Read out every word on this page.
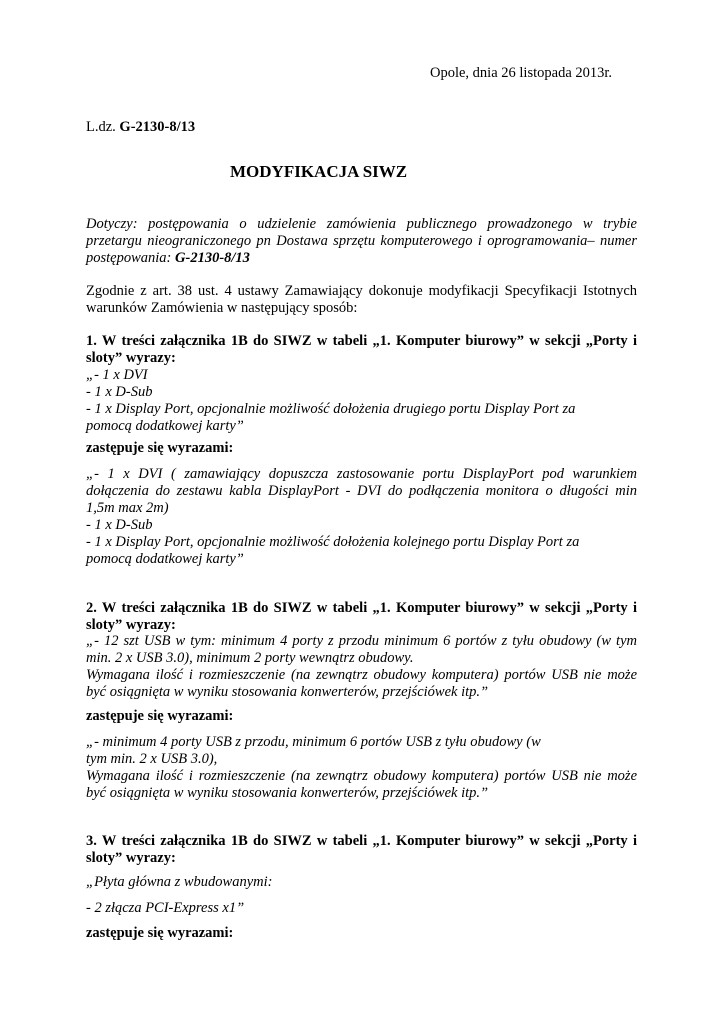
Opole, dnia 26 listopada 2013r.
L.dz. G-2130-8/13
MODYFIKACJA SIWZ
Dotyczy: postępowania o udzielenie zamówienia publicznego prowadzonego w trybie
przetargu nieograniczonego pn Dostawa sprzętu komputerowego i oprogramowania– numer
postępowania: G-2130-8/13
Zgodnie z art. 38 ust. 4 ustawy Zamawiający dokonuje modyfikacji Specyfikacji Istotnych
warunków Zamówienia w następujący sposób:
1. W treści załącznika 1B do SIWZ w tabeli „1. Komputer biurowy” w sekcji „Porty i
sloty” wyrazy:
„- 1 x DVI
- 1 x D-Sub
- 1 x Display Port, opcjonalnie możliwość dołożenia drugiego portu Display Port za
pomocą dodatkowej karty”
zastępuje się wyrazami:
„- 1 x DVI ( zamawiający dopuszcza zastosowanie portu DisplayPort pod warunkiem
dołączenia do zestawu kabla DisplayPort - DVI do podłączenia monitora o długości min
1,5m max 2m)
- 1 x D-Sub
- 1 x Display Port, opcjonalnie możliwość dołożenia kolejnego portu Display Port za
pomocą dodatkowej karty”
2. W treści załącznika 1B do SIWZ w tabeli „1. Komputer biurowy” w sekcji „Porty i
sloty” wyrazy:
„- 12 szt USB w tym: minimum 4 porty z przodu minimum 6 portów z tyłu obudowy (w tym
min. 2 x USB 3.0), minimum 2 porty wewnątrz obudowy.
Wymagana ilość i rozmieszczenie (na zewnątrz obudowy komputera) portów USB nie może
być osiągnięta w wyniku stosowania konwerterów, przejściówek itp.”
zastępuje się wyrazami:
„- minimum 4 porty USB z przodu, minimum 6 portów USB z tyłu obudowy (w
tym min. 2 x USB 3.0),
Wymagana ilość i rozmieszczenie (na zewnątrz obudowy komputera) portów USB nie może
być osiągnięta w wyniku stosowania konwerterów, przejściówek itp.”
3. W treści załącznika 1B do SIWZ w tabeli „1. Komputer biurowy” w sekcji „Porty i
sloty” wyrazy:
„Płyta główna z wbudowanymi:
- 2 złącza PCI-Express x1”
zastępuje się wyrazami:
